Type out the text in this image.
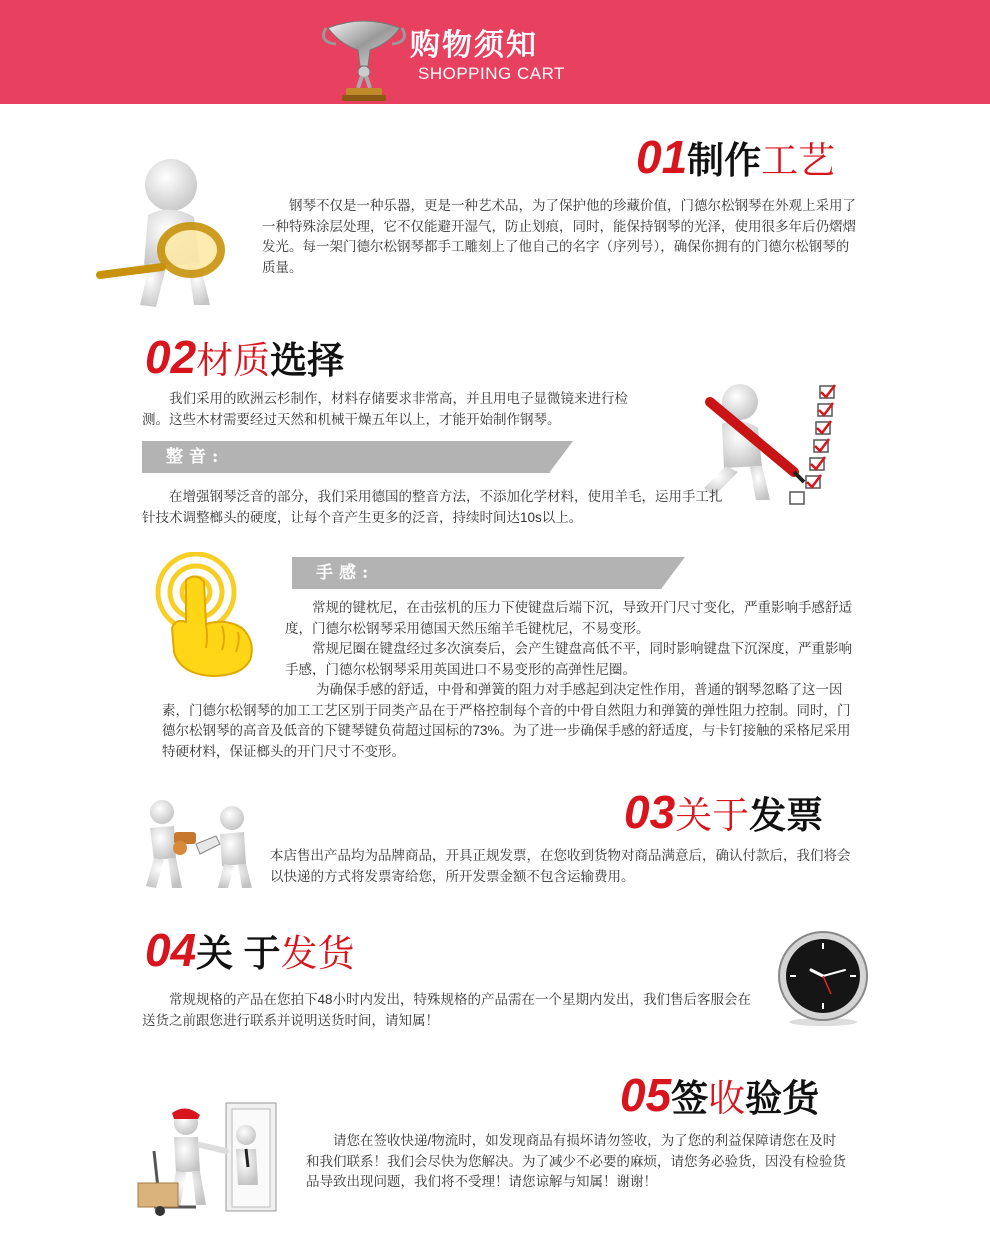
购物须知
SHOPPING CART
01制作工艺

钢琴不仅是一种乐器，更是一种艺术品，为了保护他的珍藏价值，门德尔松钢琴在外观上采用了一种特殊涂层处理，它不仅能避开湿气，防止划痕，同时，能保持钢琴的光泽，使用很多年后仍熠熠发光。每一架门德尔松钢琴都手工雕刻上了他自己的名字（序列号），确保你拥有的门德尔松钢琴的质量。

02材质选择

我们采用的欧洲云杉制作，材料存储要求非常高，并且用电子显微镜来进行检测。这些木材需要经过天然和机械干燥五年以上，才能开始制作钢琴。

整音:

在增强钢琴泛音的部分，我们采用德国的整音方法，不添加化学材料，使用羊毛，运用手工扎针技术调整榔头的硬度，让每个音产生更多的泛音，持续时间达10s以上。

手感:

常规的键枕尼，在击弦机的压力下使键盘后端下沉，导致开门尺寸变化，严重影响手感舒适度，门德尔松钢琴采用德国天然压缩羊毛键枕尼，不易变形。

常规尼圈在键盘经过多次演奏后，会产生键盘高低不平，同时影响键盘下沉深度，严重影响手感，门德尔松钢琴采用英国进口不易变形的高弹性尼圈。

为确保手感的舒适，中骨和弹簧的阻力对手感起到决定性作用，普通的钢琴忽略了这一因素，门德尔松钢琴的加工工艺区别于同类产品在于严格控制每个音的中骨自然阻力和弹簧的弹性阻力控制。同时，门德尔松钢琴的高音及低音的下键琴键负荷超过国标的73%。为了进一步确保手感的舒适度，与卡钉接触的采格尼采用特硬材料，保证榔头的开门尺寸不变形。

03关于发票

本店售出产品均为品牌商品，开具正规发票，在您收到货物对商品满意后，确认付款后，我们将会以快递的方式将发票寄给您，所开发票金额不包含运输费用。

04关 于发货

常规规格的产品在您拍下48小时内发出，特殊规格的产品需在一个星期内发出，我们售后客服会在送货之前跟您进行联系并说明送货时间，请知属！

05签收验货

请您在签收快递/物流时，如发现商品有损坏请勿签收，为了您的利益保障请您在及时和我们联系！我们会尽快为您解决。为了减少不必要的麻烦，请您务必验货，因没有检验货品导致出现问题，我们将不受理！请您谅解与知属！谢谢！
